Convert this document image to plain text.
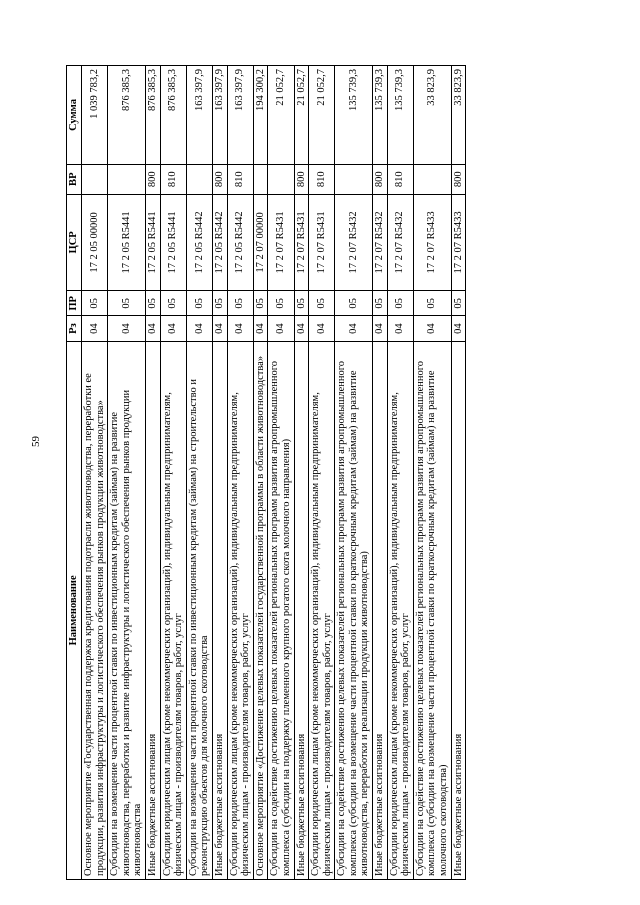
59
Наименование	Рз	ПР	ЦСР	ВР	Сумма
Основное мероприятие «Государственная поддержка кредитования подотрасли животноводства, переработки ее продукции, развития инфраструктуры и логистического обеспечения рынков продукции животноводства»	04	05	17 2 05 00000		1 039 783,2
Субсидии на возмещение части процентной ставки по инвестиционным кредитам (займам) на развитие животноводства, переработки и развитие инфраструктуры и логистического обеспечения рынков продукции животноводства	04	05	17 2 05 R5441		876 385,3
Иные бюджетные ассигнования	04	05	17 2 05 R5441	800	876 385,3
Субсидии юридическим лицам (кроме некоммерческих организаций), индивидуальным предпринимателям, физическим лицам - производителям товаров, работ, услуг	04	05	17 2 05 R5441	810	876 385,3
Субсидии на возмещение части процентной ставки по инвестиционным кредитам (займам) на строительство и реконструкцию объектов для молочного скотоводства	04	05	17 2 05 R5442		163 397,9
Иные бюджетные ассигнования	04	05	17 2 05 R5442	800	163 397,9
Субсидии юридическим лицам (кроме некоммерческих организаций), индивидуальным предпринимателям, физическим лицам - производителям товаров, работ, услуг	04	05	17 2 05 R5442	810	163 397,9
Основное мероприятие «Достижение целевых показателей государственной программы в области животноводства»	04	05	17 2 07 00000		194 300,2
Субсидии на содействие достижению целевых показателей региональных программ развития агропромышленного комплекса (субсидии на поддержку племенного крупного рогатого скота молочного направления)	04	05	17 2 07 R5431		21 052,7
Иные бюджетные ассигнования	04	05	17 2 07 R5431	800	21 052,7
Субсидии юридическим лицам (кроме некоммерческих организаций), индивидуальным предпринимателям, физическим лицам - производителям товаров, работ, услуг	04	05	17 2 07 R5431	810	21 052,7
Субсидии на содействие достижению целевых показателей региональных программ развития агропромышленного комплекса (субсидии на возмещение части процентной ставки по краткосрочным кредитам (займам) на развитие животноводства, переработки и реализации продукции животноводства)	04	05	17 2 07 R5432		135 739,3
Иные бюджетные ассигнования	04	05	17 2 07 R5432	800	135 739,3
Субсидии юридическим лицам (кроме некоммерческих организаций), индивидуальным предпринимателям, физическим лицам - производителям товаров, работ, услуг	04	05	17 2 07 R5432	810	135 739,3
Субсидии на содействие достижению целевых показателей региональных программ развития агропромышленного комплекса (субсидии на возмещение части процентной ставки по краткосрочным кредитам (займам) на развитие молочного скотоводства)	04	05	17 2 07 R5433		33 823,9
Иные бюджетные ассигнования	04	05	17 2 07 R5433	800	33 823,9
